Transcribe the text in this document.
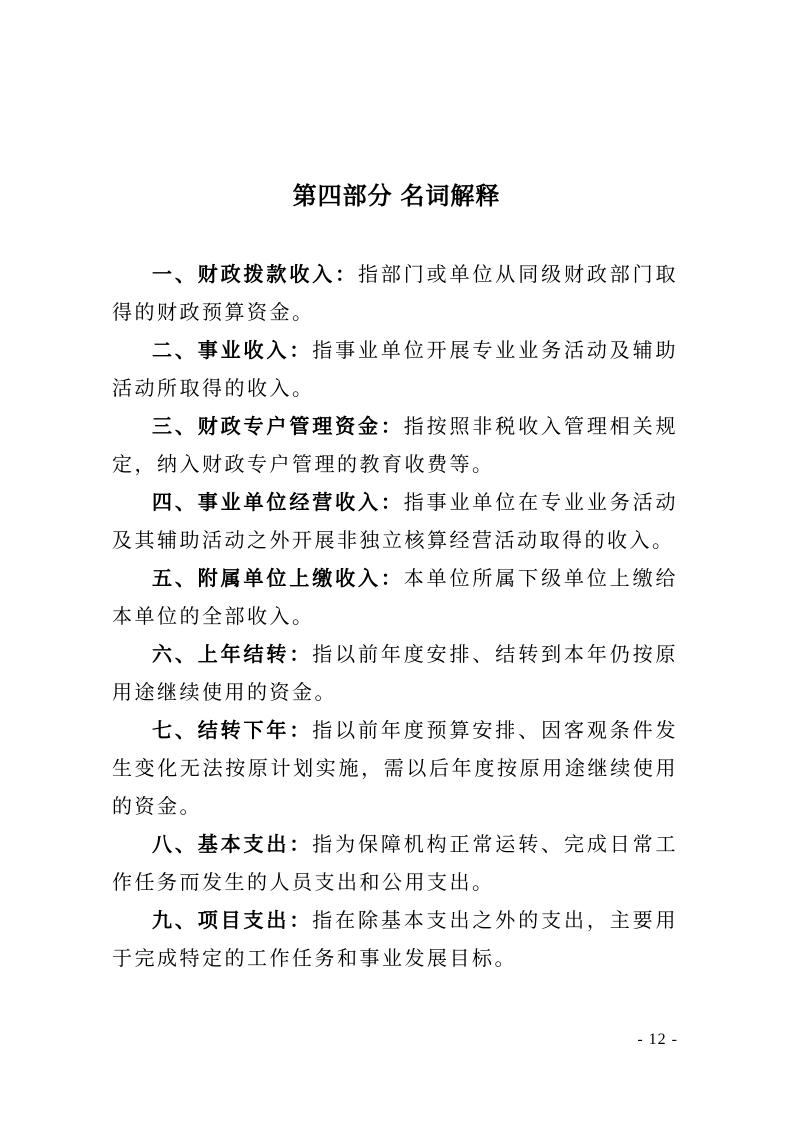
第四部分 名词解释

一、财政拨款收入：指部门或单位从同级财政部门取得的财政预算资金。

二、事业收入：指事业单位开展专业业务活动及辅助活动所取得的收入。

三、财政专户管理资金：指按照非税收入管理相关规定，纳入财政专户管理的教育收费等。

四、事业单位经营收入：指事业单位在专业业务活动及其辅助活动之外开展非独立核算经营活动取得的收入。

五、附属单位上缴收入：本单位所属下级单位上缴给本单位的全部收入。

六、上年结转：指以前年度安排、结转到本年仍按原用途继续使用的资金。

七、结转下年：指以前年度预算安排、因客观条件发生变化无法按原计划实施，需以后年度按原用途继续使用的资金。

八、基本支出：指为保障机构正常运转、完成日常工作任务而发生的人员支出和公用支出。

九、项目支出：指在除基本支出之外的支出，主要用于完成特定的工作任务和事业发展目标。

- 12 -
